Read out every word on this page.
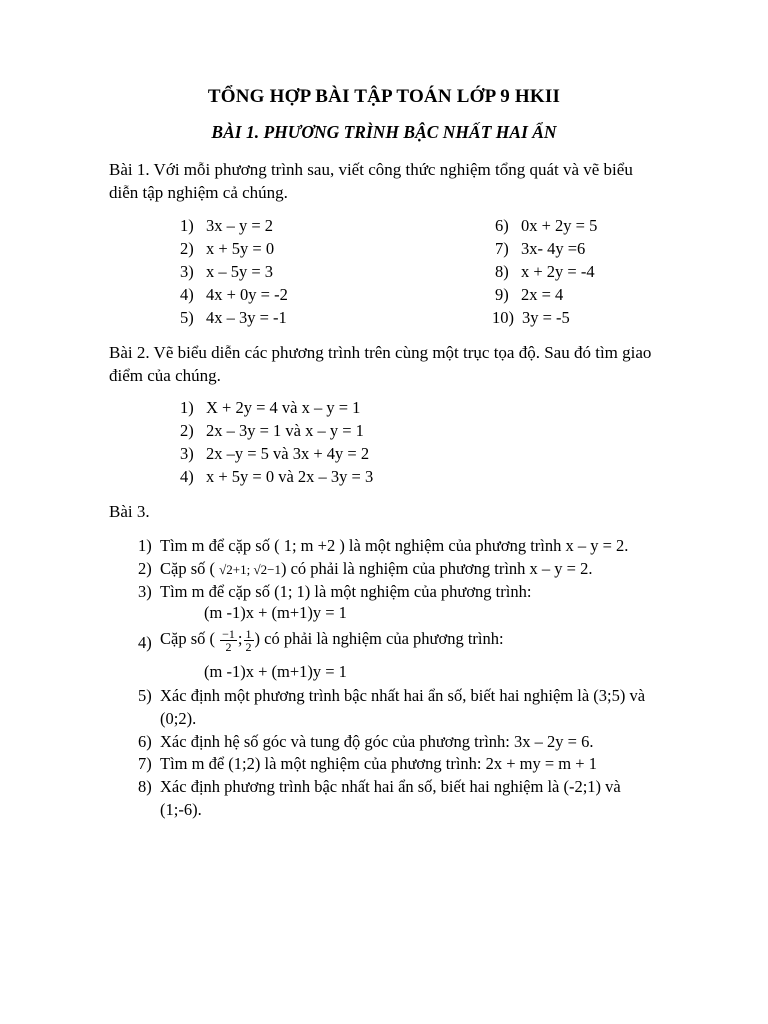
TỔNG HỢP BÀI TẬP TOÁN LỚP 9 HKII
BÀI 1. PHƯƠNG TRÌNH BẬC NHẤT HAI ẨN
Bài 1. Với mỗi phương trình sau, viết công thức nghiệm tổng quát và vẽ biểu
diễn tập nghiệm cả chúng.
1) 3x – y = 2
2) x + 5y = 0
3) x – 5y = 3
4) 4x + 0y = -2
5) 4x – 3y = -1
6) 0x + 2y = 5
7) 3x- 4y =6
8) x + 2y = -4
9) 2x = 4
10) 3y = -5
Bài 2. Vẽ biểu diễn các phương trình trên cùng một trục tọa độ. Sau đó tìm giao
điểm của chúng.
1) X + 2y = 4 và x – y = 1
2) 2x – 3y = 1 và x – y = 1
3) 2x –y = 5 và 3x + 4y = 2
4) x + 5y = 0 và 2x – 3y = 3
Bài 3.
1) Tìm m để cặp số ( 1; m +2 ) là một nghiệm của phương trình x – y = 2.
2) Cặp số ( √2+1; √2−1) có phải là nghiệm của phương trình x – y = 2.
3) Tìm m để cặp số (1; 1) là một nghiệm của phương trình:
(m -1)x + (m+1)y = 1
4) Cặp số ( $\frac{-1}{2}$ ; $\frac{1}{2}$ ) có phải là nghiệm của phương trình:
(m -1)x + (m+1)y = 1
5) Xác định một phương trình bậc nhất hai ẩn số, biết hai nghiệm là (3;5) và
(0;2).
6) Xác định hệ số góc và tung độ góc của phương trình: 3x – 2y = 6.
7) Tìm m để (1;2) là một nghiệm của phương trình: 2x + my = m + 1
8) Xác định phương trình bậc nhất hai ẩn số, biết hai nghiệm là (-2;1) và
(1;-6).
